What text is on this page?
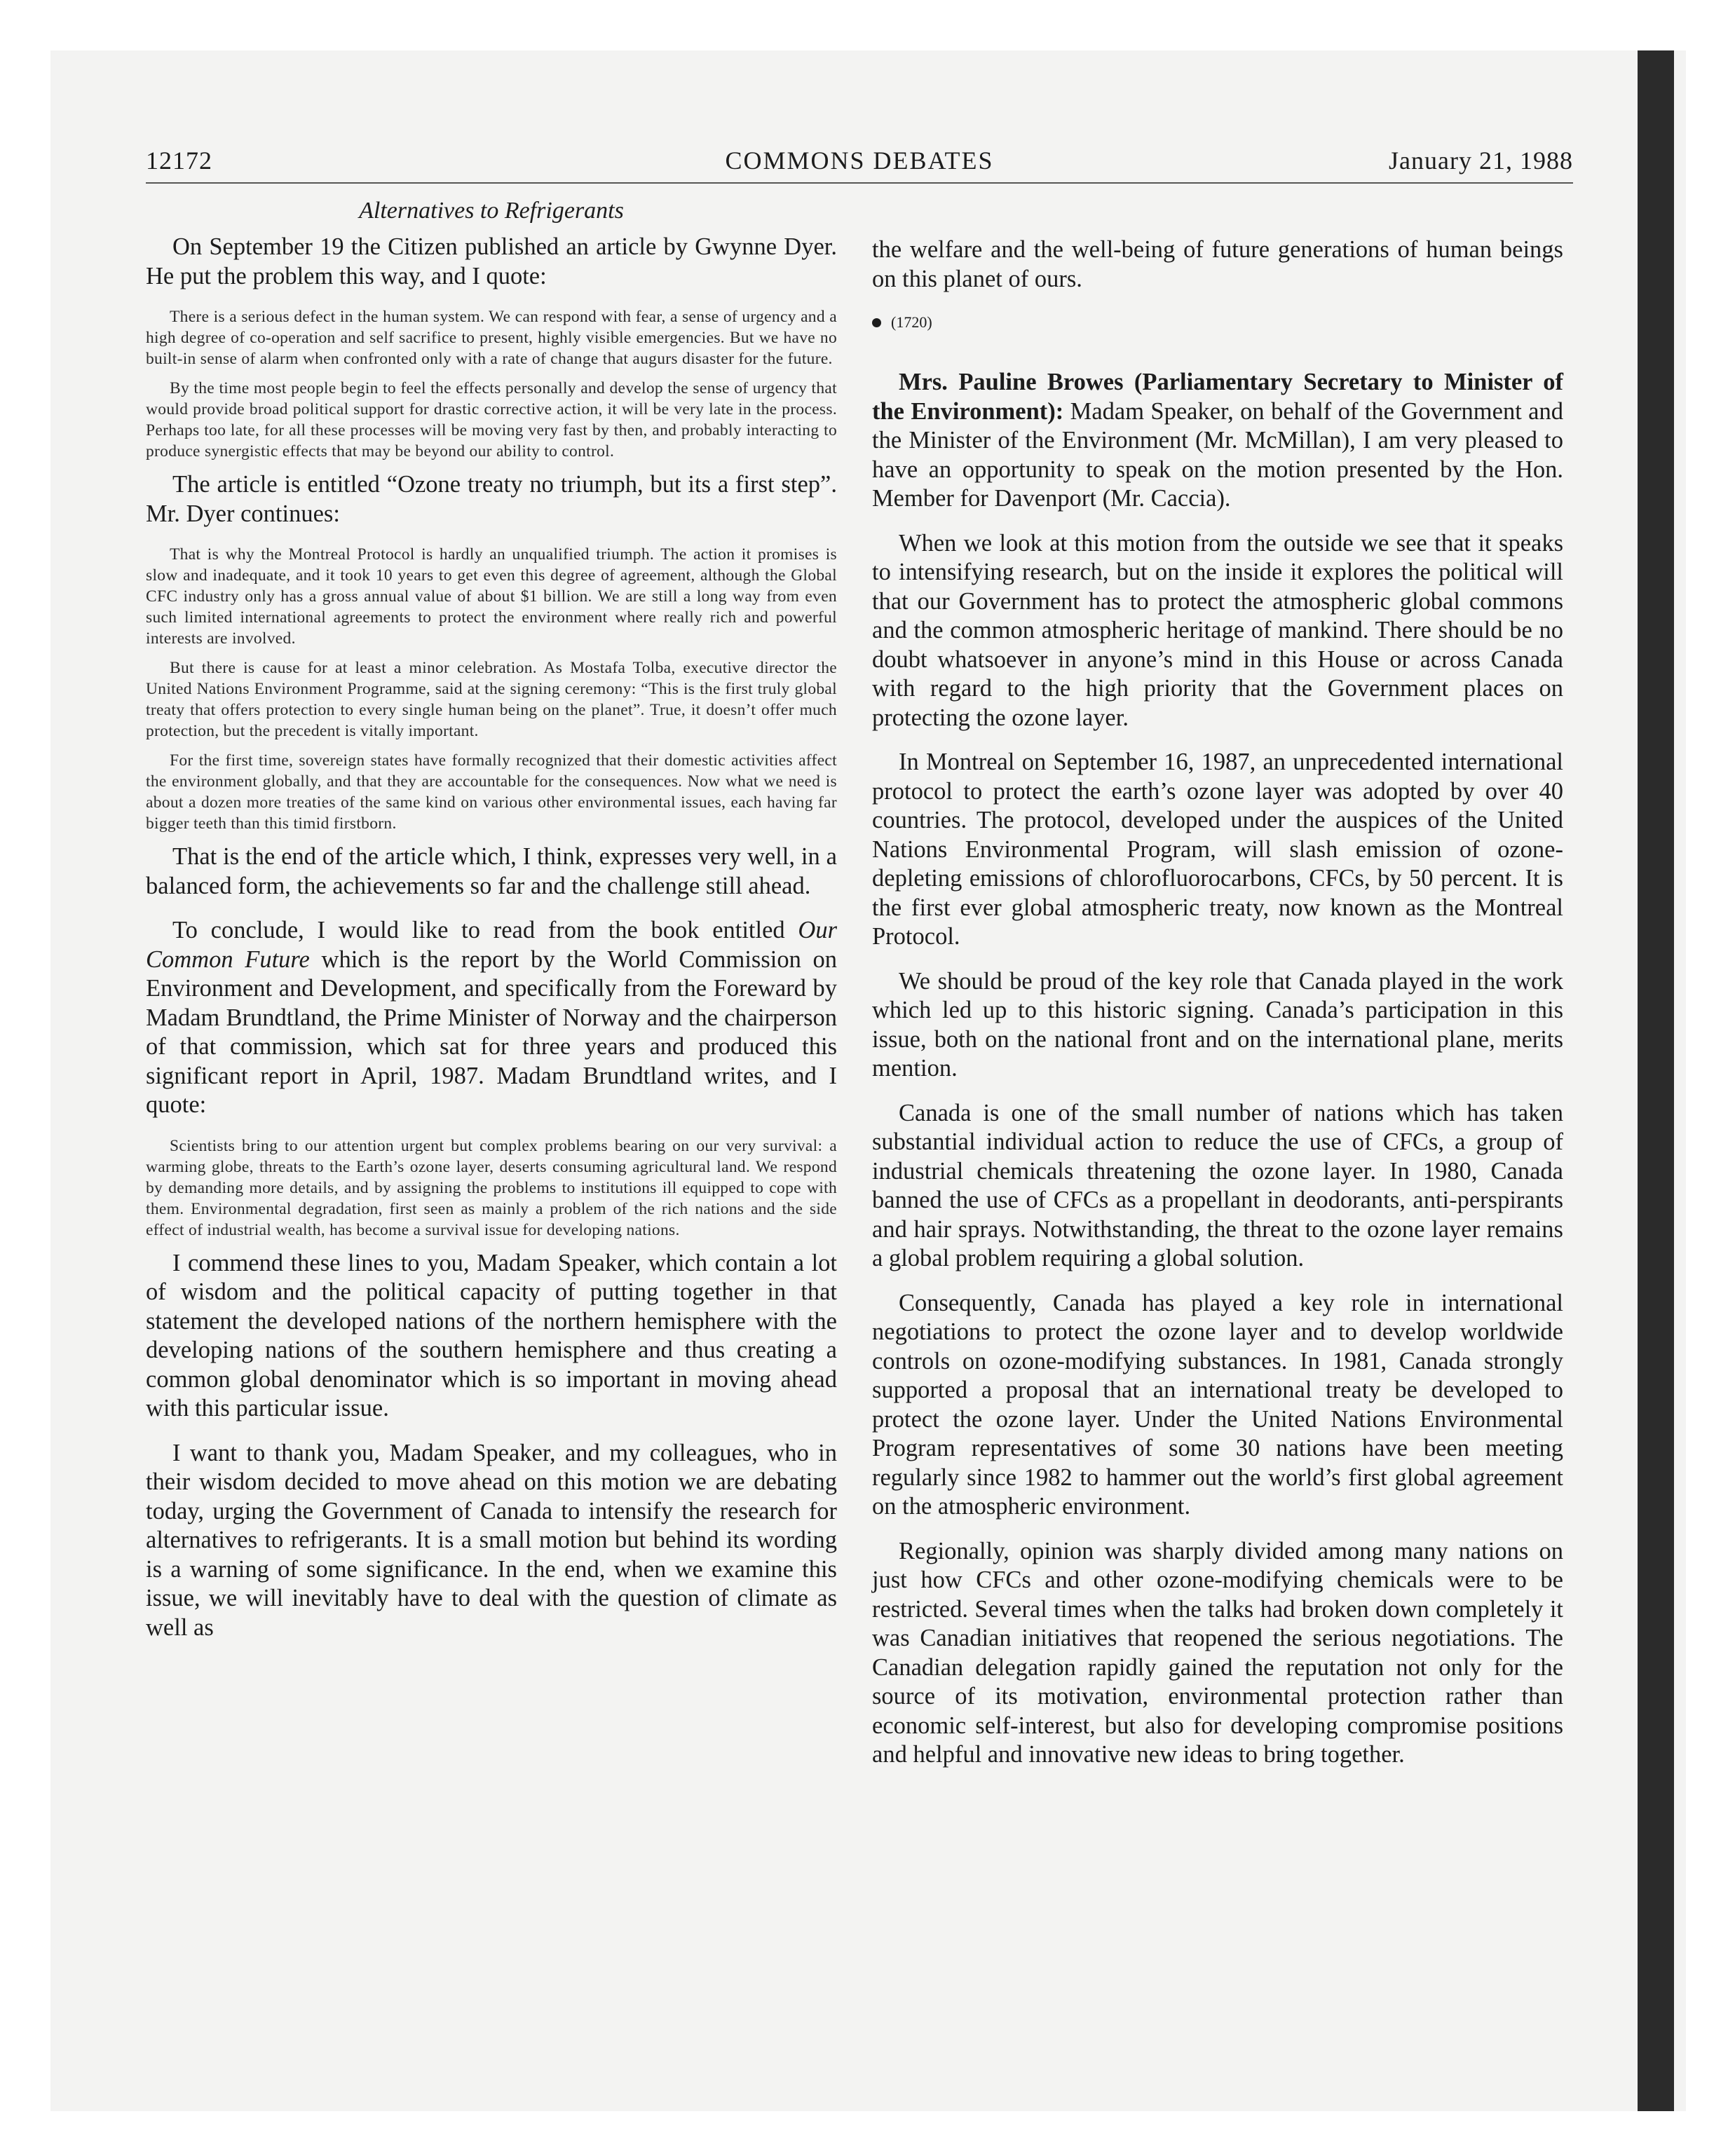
12172	COMMONS DEBATES	January 21, 1988
Alternatives to Refrigerants

On September 19 the Citizen published an article by Gwynne Dyer. He put the problem this way, and I quote:

There is a serious defect in the human system. We can respond with fear, a sense of urgency and a high degree of co-operation and self sacrifice to present, highly visible emergencies. But we have no built-in sense of alarm when confronted only with a rate of change that augurs disaster for the future.

By the time most people begin to feel the effects personally and develop the sense of urgency that would provide broad political support for drastic corrective action, it will be very late in the process. Perhaps too late, for all these processes will be moving very fast by then, and probably interacting to produce synergistic effects that may be beyond our ability to control.

The article is entitled “Ozone treaty no triumph, but its a first step”. Mr. Dyer continues:

That is why the Montreal Protocol is hardly an unqualified triumph. The action it promises is slow and inadequate, and it took 10 years to get even this degree of agreement, although the Global CFC industry only has a gross annual value of about $1 billion. We are still a long way from even such limited international agreements to protect the environment where really rich and powerful interests are involved.

But there is cause for at least a minor celebration. As Mostafa Tolba, executive director the United Nations Environment Programme, said at the signing ceremony: “This is the first truly global treaty that offers protection to every single human being on the planet”. True, it doesn’t offer much protection, but the precedent is vitally important.

For the first time, sovereign states have formally recognized that their domestic activities affect the environment globally, and that they are accountable for the consequences. Now what we need is about a dozen more treaties of the same kind on various other environmental issues, each having far bigger teeth than this timid firstborn.

That is the end of the article which, I think, expresses very well, in a balanced form, the achievements so far and the challenge still ahead.

To conclude, I would like to read from the book entitled Our Common Future which is the report by the World Commission on Environment and Development, and specifically from the Foreward by Madam Brundtland, the Prime Minister of Norway and the chairperson of that commission, which sat for three years and produced this significant report in April, 1987. Madam Brundtland writes, and I quote:

Scientists bring to our attention urgent but complex problems bearing on our very survival: a warming globe, threats to the Earth’s ozone layer, deserts consuming agricultural land. We respond by demanding more details, and by assigning the problems to institutions ill equipped to cope with them. Environmental degradation, first seen as mainly a problem of the rich nations and the side effect of industrial wealth, has become a survival issue for developing nations.

I commend these lines to you, Madam Speaker, which contain a lot of wisdom and the political capacity of putting together in that statement the developed nations of the northern hemisphere with the developing nations of the southern hemisphere and thus creating a common global denominator which is so important in moving ahead with this particular issue.

I want to thank you, Madam Speaker, and my colleagues, who in their wisdom decided to move ahead on this motion we are debating today, urging the Government of Canada to intensify the research for alternatives to refrigerants. It is a small motion but behind its wording is a warning of some significance. In the end, when we examine this issue, we will inevitably have to deal with the question of climate as well as

the welfare and the well-being of future generations of human beings on this planet of ours.

(1720)

Mrs. Pauline Browes (Parliamentary Secretary to Minister of the Environment): Madam Speaker, on behalf of the Government and the Minister of the Environment (Mr. McMillan), I am very pleased to have an opportunity to speak on the motion presented by the Hon. Member for Davenport (Mr. Caccia).

When we look at this motion from the outside we see that it speaks to intensifying research, but on the inside it explores the political will that our Government has to protect the atmospheric global commons and the common atmospheric heritage of mankind. There should be no doubt whatsoever in anyone’s mind in this House or across Canada with regard to the high priority that the Government places on protecting the ozone layer.

In Montreal on September 16, 1987, an unprecedented international protocol to protect the earth’s ozone layer was adopted by over 40 countries. The protocol, developed under the auspices of the United Nations Environmental Program, will slash emission of ozone-depleting emissions of chlorofluorocarbons, CFCs, by 50 percent. It is the first ever global atmospheric treaty, now known as the Montreal Protocol.

We should be proud of the key role that Canada played in the work which led up to this historic signing. Canada’s participation in this issue, both on the national front and on the international plane, merits mention.

Canada is one of the small number of nations which has taken substantial individual action to reduce the use of CFCs, a group of industrial chemicals threatening the ozone layer. In 1980, Canada banned the use of CFCs as a propellant in deodorants, anti-perspirants and hair sprays. Notwithstanding, the threat to the ozone layer remains a global problem requiring a global solution.

Consequently, Canada has played a key role in international negotiations to protect the ozone layer and to develop worldwide controls on ozone-modifying substances. In 1981, Canada strongly supported a proposal that an international treaty be developed to protect the ozone layer. Under the United Nations Environmental Program representatives of some 30 nations have been meeting regularly since 1982 to hammer out the world’s first global agreement on the atmospheric environment.

Regionally, opinion was sharply divided among many nations on just how CFCs and other ozone-modifying chemicals were to be restricted. Several times when the talks had broken down completely it was Canadian initiatives that reopened the serious negotiations. The Canadian delegation rapidly gained the reputation not only for the source of its motivation, environmental protection rather than economic self-interest, but also for developing compromise positions and helpful and innovative new ideas to bring together.
